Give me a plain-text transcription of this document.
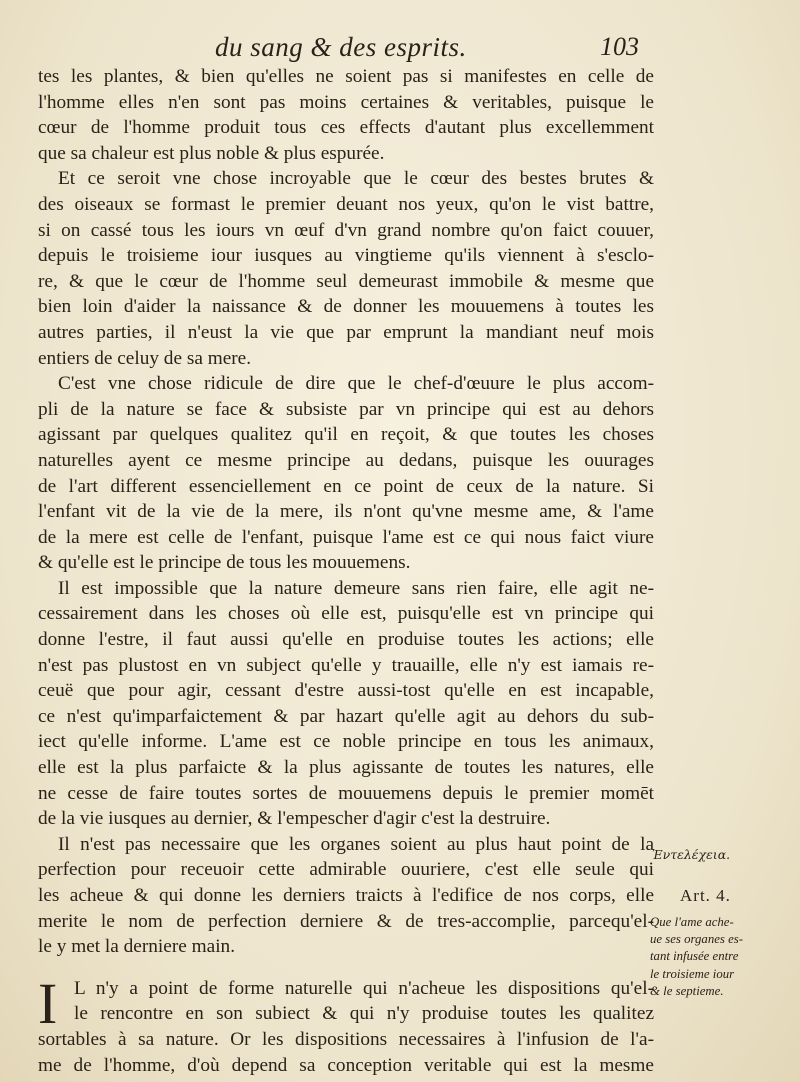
du sang & des esprits.	103
tes les plantes, & bien qu'elles ne soient pas si manifestes en celle de
l'homme elles n'en sont pas moins certaines & veritables, puisque le
cœur de l'homme produit tous ces effects d'autant plus excellemment
que sa chaleur est plus noble & plus espurée.
Et ce seroit vne chose incroyable que le cœur des bestes brutes &
des oiseaux se formast le premier deuant nos yeux, qu'on le vist battre,
si on cassé tous les iours vn œuf d'vn grand nombre qu'on faict couuer,
depuis le troisieme iour iusques au vingtieme qu'ils viennent à s'esclo-
re, & que le cœur de l'homme seul demeurast immobile & mesme que
bien loin d'aider la naissance & de donner les mouuemens à toutes les
autres parties, il n'eust la vie que par emprunt la mandiant neuf mois
entiers de celuy de sa mere.
C'est vne chose ridicule de dire que le chef-d'œuure le plus accom-
pli de la nature se face & subsiste par vn principe qui est au dehors
agissant par quelques qualitez qu'il en reçoit, & que toutes les choses
naturelles ayent ce mesme principe au dedans, puisque les ouurages
de l'art different essenciellement en ce point de ceux de la nature. Si
l'enfant vit de la vie de la mere, ils n'ont qu'vne mesme ame, & l'ame
de la mere est celle de l'enfant, puisque l'ame est ce qui nous faict viure
& qu'elle est le principe de tous les mouuemens.
Il est impossible que la nature demeure sans rien faire, elle agit ne-
cessairement dans les choses où elle est, puisqu'elle est vn principe qui
donne l'estre, il faut aussi qu'elle en produise toutes les actions; elle
n'est pas plustost en vn subject qu'elle y trauaille, elle n'y est iamais re-
ceuë que pour agir, cessant d'estre aussi-tost qu'elle en est incapable,
ce n'est qu'imparfaictement & par hazart qu'elle agit au dehors du sub-
iect qu'elle informe. L'ame est ce noble principe en tous les animaux,
elle est la plus parfaicte & la plus agissante de toutes les natures, elle
ne cesse de faire toutes sortes de mouuemens depuis le premier momēt
de la vie iusques au dernier, & l'empescher d'agir c'est la destruire.
Il n'est pas necessaire que les organes soient au plus haut point de la
perfection pour receuoir cette admirable ouuriere, c'est elle seule qui
les acheue & qui donne les derniers traicts à l'edifice de nos corps, elle
merite le nom de perfection derniere & de tres-accomplie, parcequ'el-
le y met la derniere main.
I L n'y a point de forme naturelle qui n'acheue les dispositions qu'el-
le rencontre en son subiect & qui n'y produise toutes les qualitez
sortables à sa nature. Or les dispositions necessaires à l'infusion de l'a-
me de l'homme, d'où depend sa conception veritable qui est la mesme
Ἐντελέχεια.
Art. 4.
Que l'ame ache-
ue ses organes es-
tant infusée entre
le troisieme iour
& le septieme.
